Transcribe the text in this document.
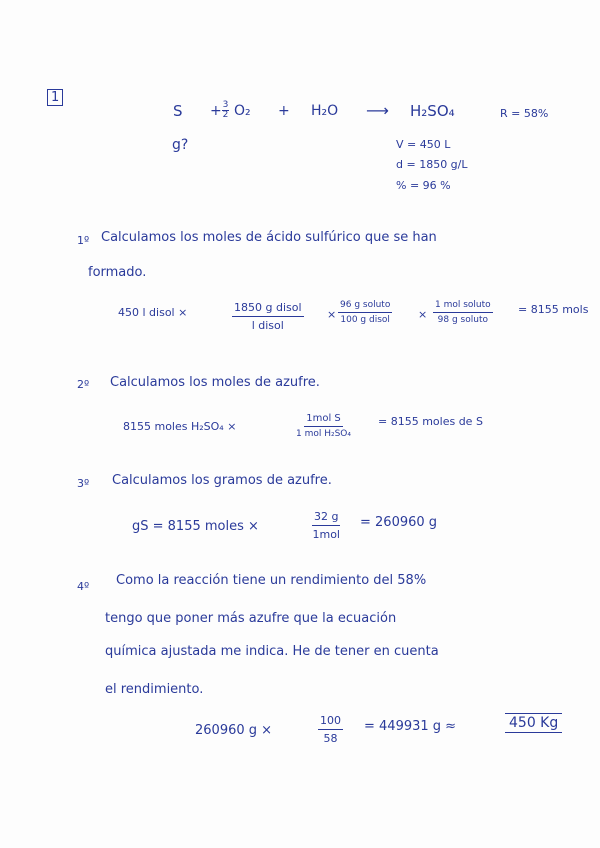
1
S + 3
2 O₂ + H₂O ⟶ H₂SO₄	R = 58%
g?	V = 450 L
d = 1850 g/L
% = 96 %
1º Calculamos los moles de ácido sulfúrico que se han
formado.
450 l disol ×	1850 g disol
l disol
×
96 g soluto
100 g disol	×
1 mol soluto
98 g soluto
= 8155 mols
2º Calculamos los moles de azufre.
8155 moles H₂SO₄ ×
1mol S
1 mol H₂SO₄
= 8155 moles de S
3º Calculamos los gramos de azufre.
gS = 8155 moles ×
32 g
1mol
= 260960 g
4º Como la reacción tiene un rendimiento del 58%
tengo que poner más azufre que la ecuación
química ajustada me indica. He de tener en cuenta
el rendimiento.
260960 g ×	$\frac{100}{58} = 449931$ g ≈	450 Kg
